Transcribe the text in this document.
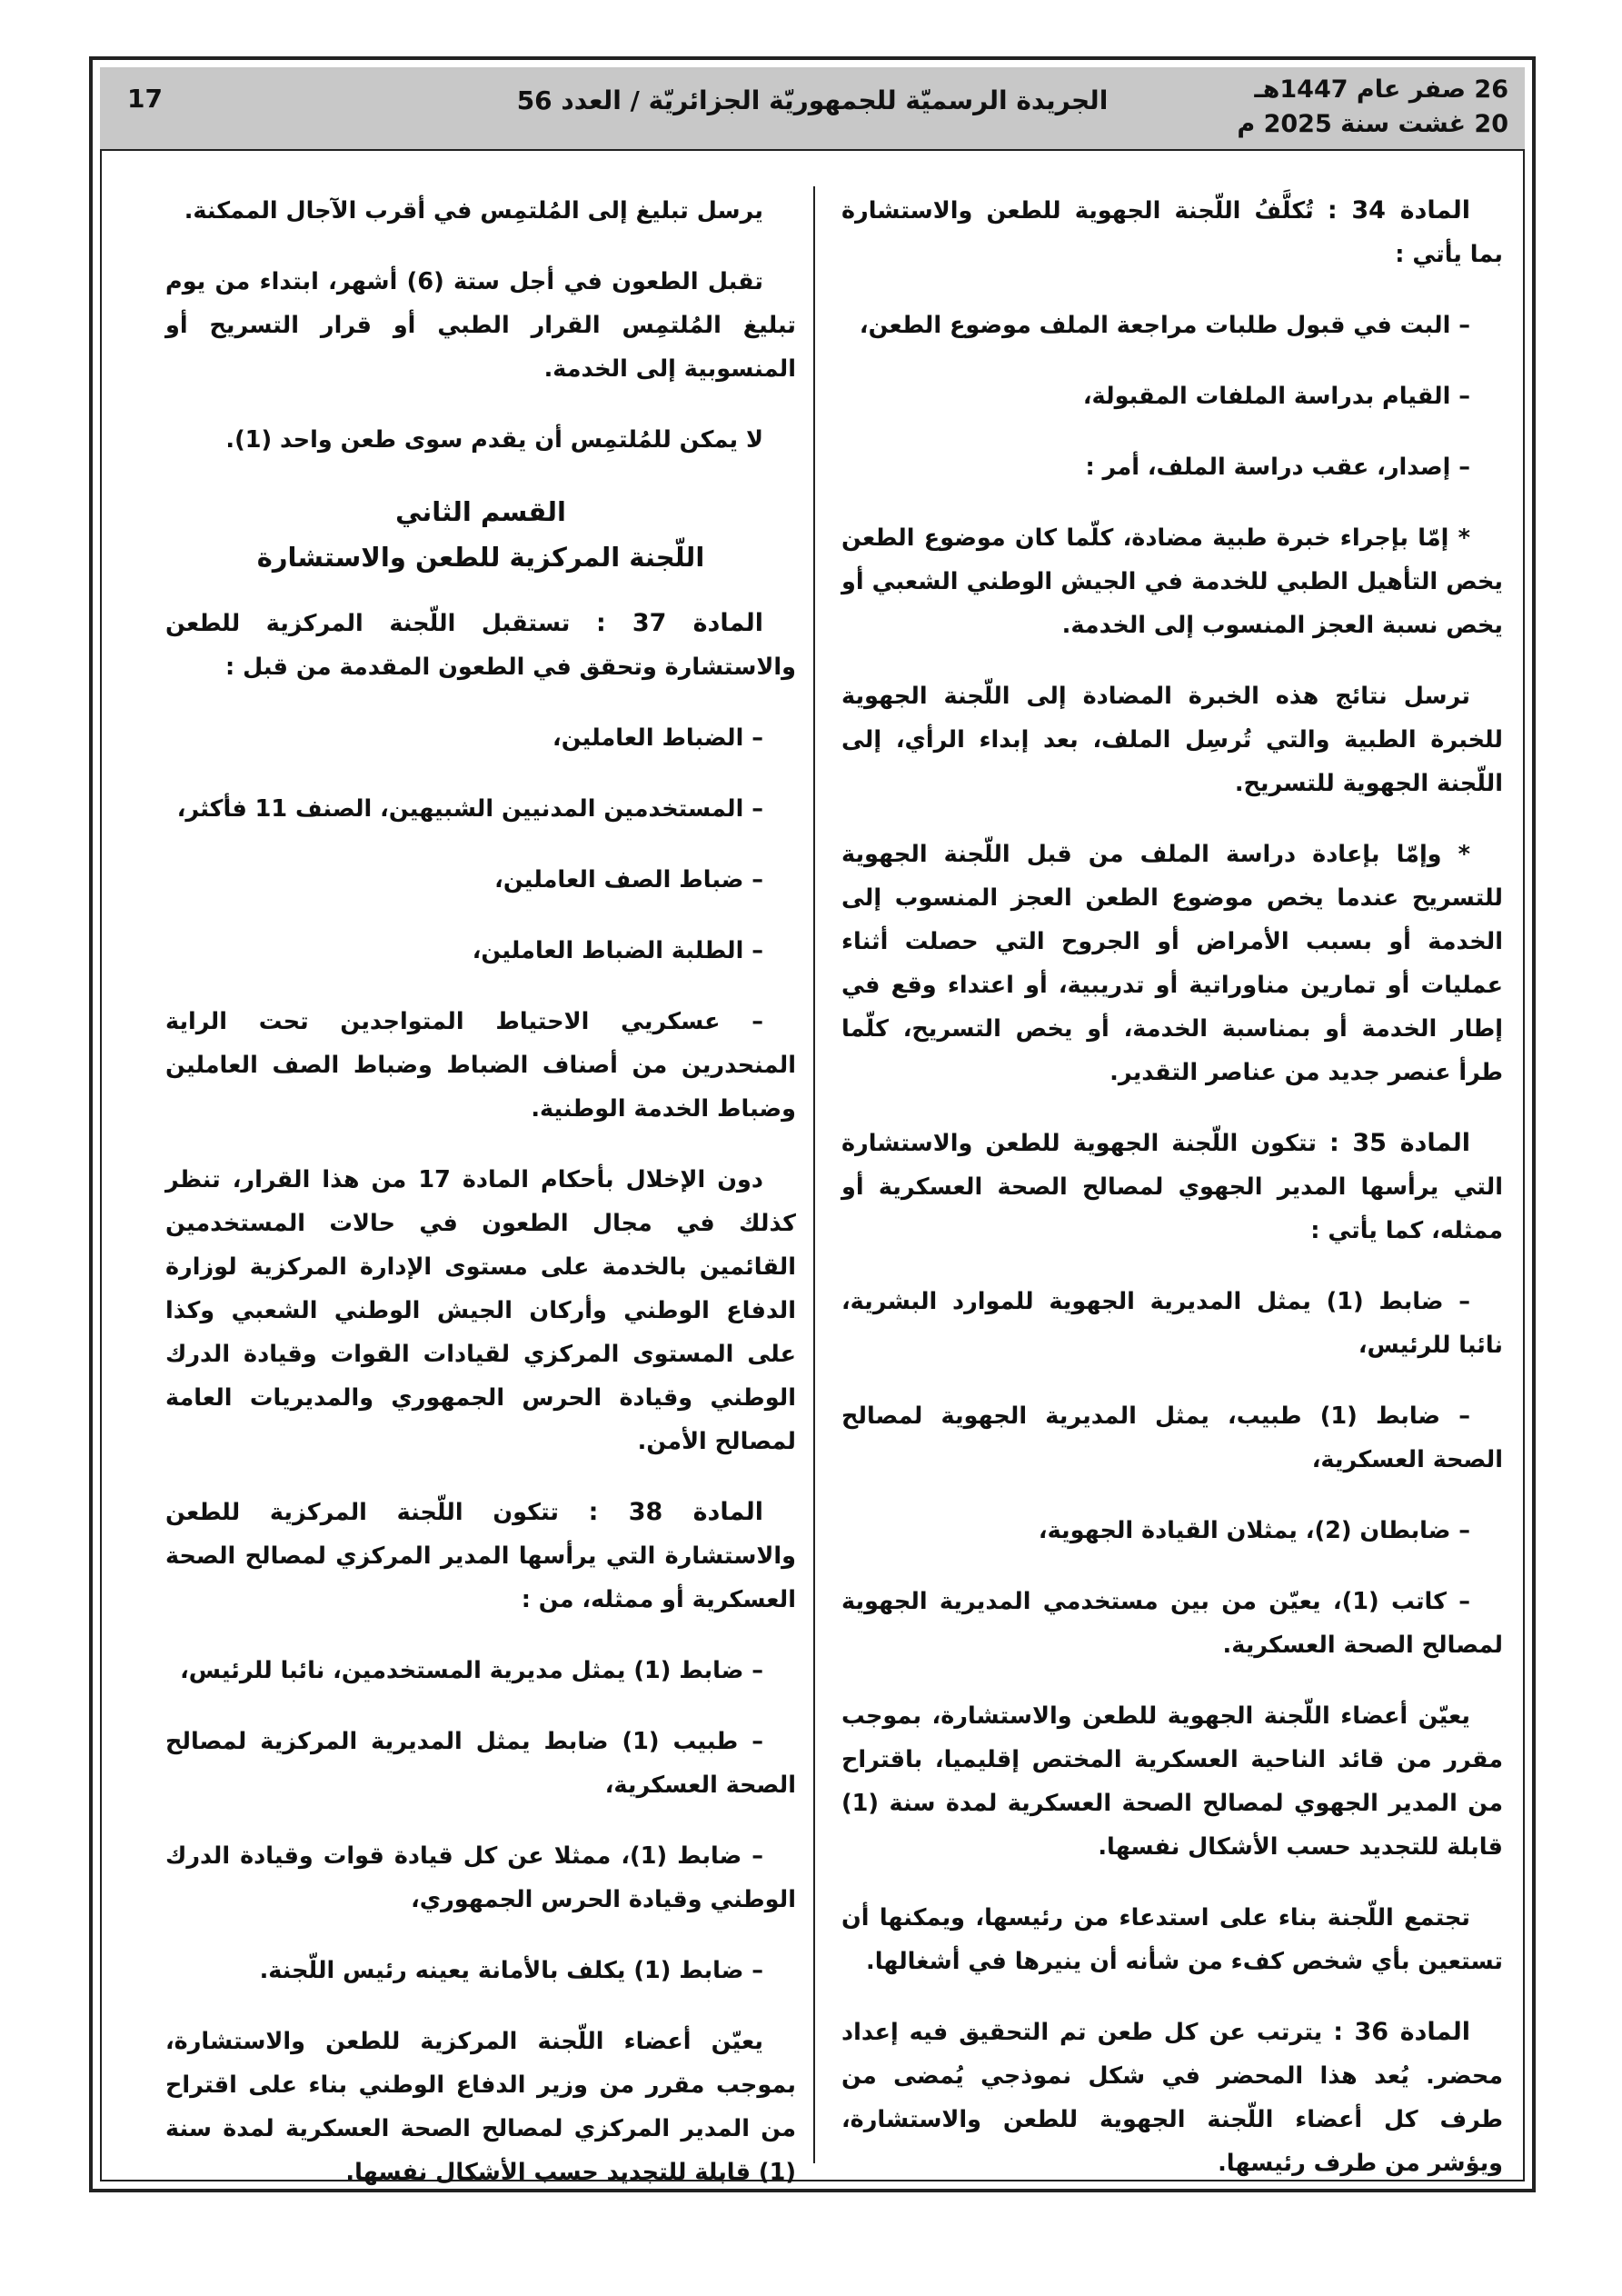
26 صفر عام 1447هـ
20 غشت سنة 2025 م
الجريدة الرسميّة للجمهوريّة الجزائريّة / العدد 56
17

المادة 34 : تُكلَّفُ اللّجنة الجهوية للطعن والاستشارة بما يأتي :

– البت في قبول طلبات مراجعة الملف موضوع الطعن،

– القيام بدراسة الملفات المقبولة،

– إصدار، عقب دراسة الملف، أمر :

* إمّا بإجراء خبرة طبية مضادة، كلّما كان موضوع الطعن يخص التأهيل الطبي للخدمة في الجيش الوطني الشعبي أو يخص نسبة العجز المنسوب إلى الخدمة.

ترسل نتائج هذه الخبرة المضادة إلى اللّجنة الجهوية للخبرة الطبية والتي تُرسِل الملف، بعد إبداء الرأي، إلى اللّجنة الجهوية للتسريح.

* وإمّا بإعادة دراسة الملف من قبل اللّجنة الجهوية للتسريح عندما يخص موضوع الطعن العجز المنسوب إلى الخدمة أو بسبب الأمراض أو الجروح التي حصلت أثناء عمليات أو تمارين مناوراتية أو تدريبية، أو اعتداء وقع في إطار الخدمة أو بمناسبة الخدمة، أو يخص التسريح، كلّما طرأ عنصر جديد من عناصر التقدير.

المادة 35 : تتكون اللّجنة الجهوية للطعن والاستشارة التي يرأسها المدير الجهوي لمصالح الصحة العسكرية أو ممثله، كما يأتي :

– ضابط (1) يمثل المديرية الجهوية للموارد البشرية، نائبا للرئيس،

– ضابط (1) طبيب، يمثل المديرية الجهوية لمصالح الصحة العسكرية،

– ضابطان (2)، يمثلان القيادة الجهوية،

– كاتب (1)، يعيّن من بين مستخدمي المديرية الجهوية لمصالح الصحة العسكرية.

يعيّن أعضاء اللّجنة الجهوية للطعن والاستشارة، بموجب مقرر من قائد الناحية العسكرية المختص إقليميا، باقتراح من المدير الجهوي لمصالح الصحة العسكرية لمدة سنة (1) قابلة للتجديد حسب الأشكال نفسها.

تجتمع اللّجنة بناء على استدعاء من رئيسها، ويمكنها أن تستعين بأي شخص كفء من شأنه أن ينيرها في أشغالها.

المادة 36 : يترتب عن كل طعن تم التحقيق فيه إعداد محضر. يُعد هذا المحضر في شكل نموذجي يُمضى من طرف كل أعضاء اللّجنة الجهوية للطعن والاستشارة، ويؤشر من طرف رئيسها.

يرسل تبليغ إلى المُلتمِس في أقرب الآجال الممكنة.

تقبل الطعون في أجل ستة (6) أشهر، ابتداء من يوم تبليغ المُلتمِس القرار الطبي أو قرار التسريح أو المنسوبية إلى الخدمة.

لا يمكن للمُلتمِس أن يقدم سوى طعن واحد (1).

القسم الثاني

اللّجنة المركزية للطعن والاستشارة

المادة 37 : تستقبل اللّجنة المركزية للطعن والاستشارة وتحقق في الطعون المقدمة من قبل :

– الضباط العاملين،

– المستخدمين المدنيين الشبيهين، الصنف 11 فأكثر،

– ضباط الصف العاملين،

– الطلبة الضباط العاملين،

– عسكريي الاحتياط المتواجدين تحت الراية المنحدرين من أصناف الضباط وضباط الصف العاملين وضباط الخدمة الوطنية.

دون الإخلال بأحكام المادة 17 من هذا القرار، تنظر كذلك في مجال الطعون في حالات المستخدمين القائمين بالخدمة على مستوى الإدارة المركزية لوزارة الدفاع الوطني وأركان الجيش الوطني الشعبي وكذا على المستوى المركزي لقيادات القوات وقيادة الدرك الوطني وقيادة الحرس الجمهوري والمديريات العامة لمصالح الأمن.

المادة 38 : تتكون اللّجنة المركزية للطعن والاستشارة التي يرأسها المدير المركزي لمصالح الصحة العسكرية أو ممثله، من :

– ضابط (1) يمثل مديرية المستخدمين، نائبا للرئيس،

– طبيب (1) ضابط يمثل المديرية المركزية لمصالح الصحة العسكرية،

– ضابط (1)، ممثلا عن كل قيادة قوات وقيادة الدرك الوطني وقيادة الحرس الجمهوري،

– ضابط (1) يكلف بالأمانة يعينه رئيس اللّجنة.

يعيّن أعضاء اللّجنة المركزية للطعن والاستشارة، بموجب مقرر من وزير الدفاع الوطني بناء على اقتراح من المدير المركزي لمصالح الصحة العسكرية لمدة سنة (1) قابلة للتجديد حسب الأشكال نفسها.
